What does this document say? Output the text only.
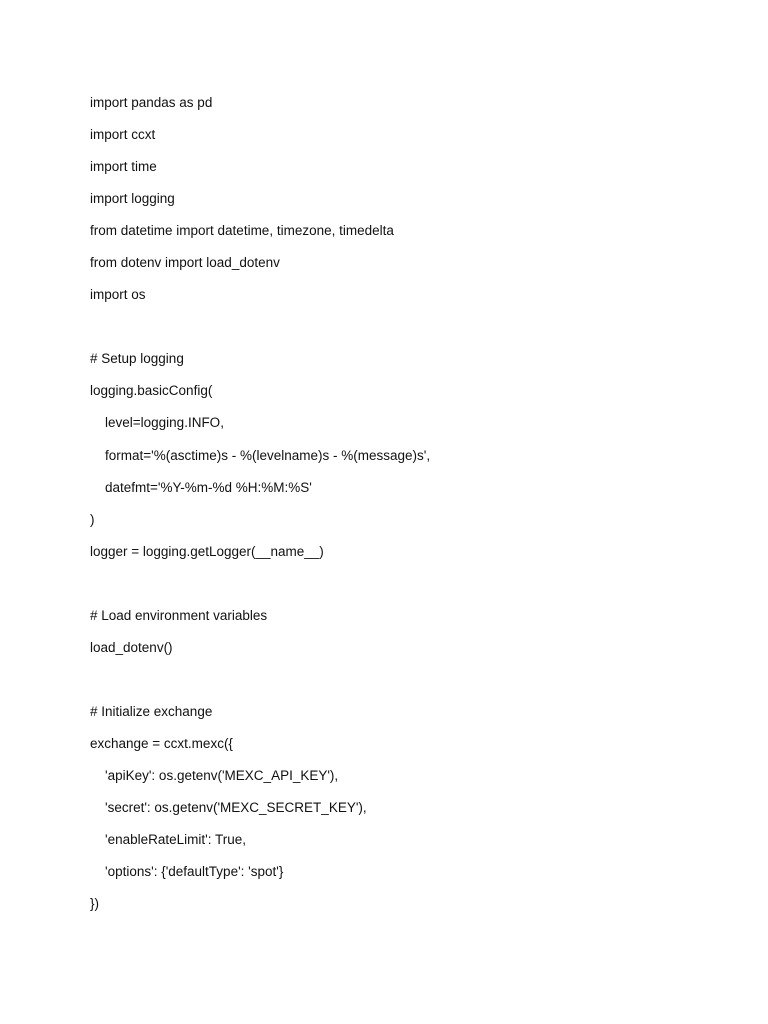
import pandas as pd
import ccxt
import time
import logging
from datetime import datetime, timezone, timedelta
from dotenv import load_dotenv
import os
# Setup logging
logging.basicConfig(
level=logging.INFO,
format='%(asctime)s - %(levelname)s - %(message)s',
datefmt='%Y-%m-%d %H:%M:%S'
)
logger = logging.getLogger(__name__)
# Load environment variables
load_dotenv()
# Initialize exchange
exchange = ccxt.mexc({
'apiKey': os.getenv('MEXC_API_KEY'),
'secret': os.getenv('MEXC_SECRET_KEY'),
'enableRateLimit': True,
'options': {'defaultType': 'spot'}
})
